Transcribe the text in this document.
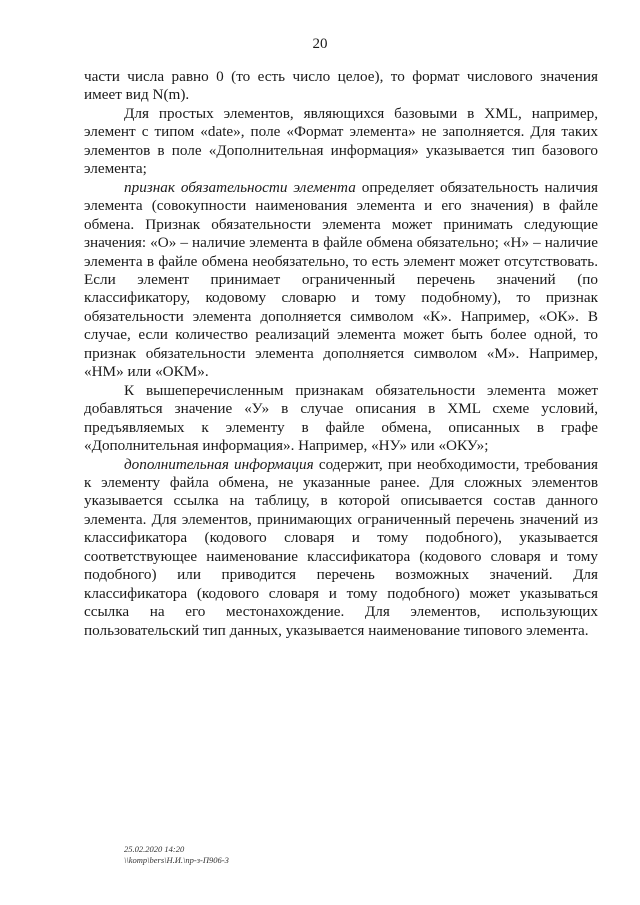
20

части числа равно 0 (то есть число целое), то формат числового значения имеет вид N(m).

Для простых элементов, являющихся базовыми в XML, например, элемент с типом «date», поле «Формат элемента» не заполняется. Для таких элементов в поле «Дополнительная информация» указывается тип базового элемента;

признак обязательности элемента определяет обязательность наличия элемента (совокупности наименования элемента и его значения) в файле обмена. Признак обязательности элемента может принимать следующие значения: «О» – наличие элемента в файле обмена обязательно; «Н» – наличие элемента в файле обмена необязательно, то есть элемент может отсутствовать. Если элемент принимает ограниченный перечень значений (по классификатору, кодовому словарю и тому подобному), то признак обязательности элемента дополняется символом «К». Например, «ОК». В случае, если количество реализаций элемента может быть более одной, то признак обязательности элемента дополняется символом «М». Например, «НМ» или «ОКМ».

К вышеперечисленным признакам обязательности элемента может добавляться значение «У» в случае описания в XML схеме условий, предъявляемых к элементу в файле обмена, описанных в графе «Дополнительная информация». Например, «НУ» или «ОКУ»;

дополнительная информация содержит, при необходимости, требования к элементу файла обмена, не указанные ранее. Для сложных элементов указывается ссылка на таблицу, в которой описывается состав данного элемента. Для элементов, принимающих ограниченный перечень значений из классификатора (кодового словаря и тому подобного), указывается соответствующее наименование классификатора (кодового словаря и тому подобного) или приводится перечень возможных значений. Для классификатора (кодового словаря и тому подобного) может указываться ссылка на его местонахождение. Для элементов, использующих пользовательский тип данных, указывается наименование типового элемента.

25.02.2020 14:20
\\komp\bers\Н.И.\пр-з-П906-3
